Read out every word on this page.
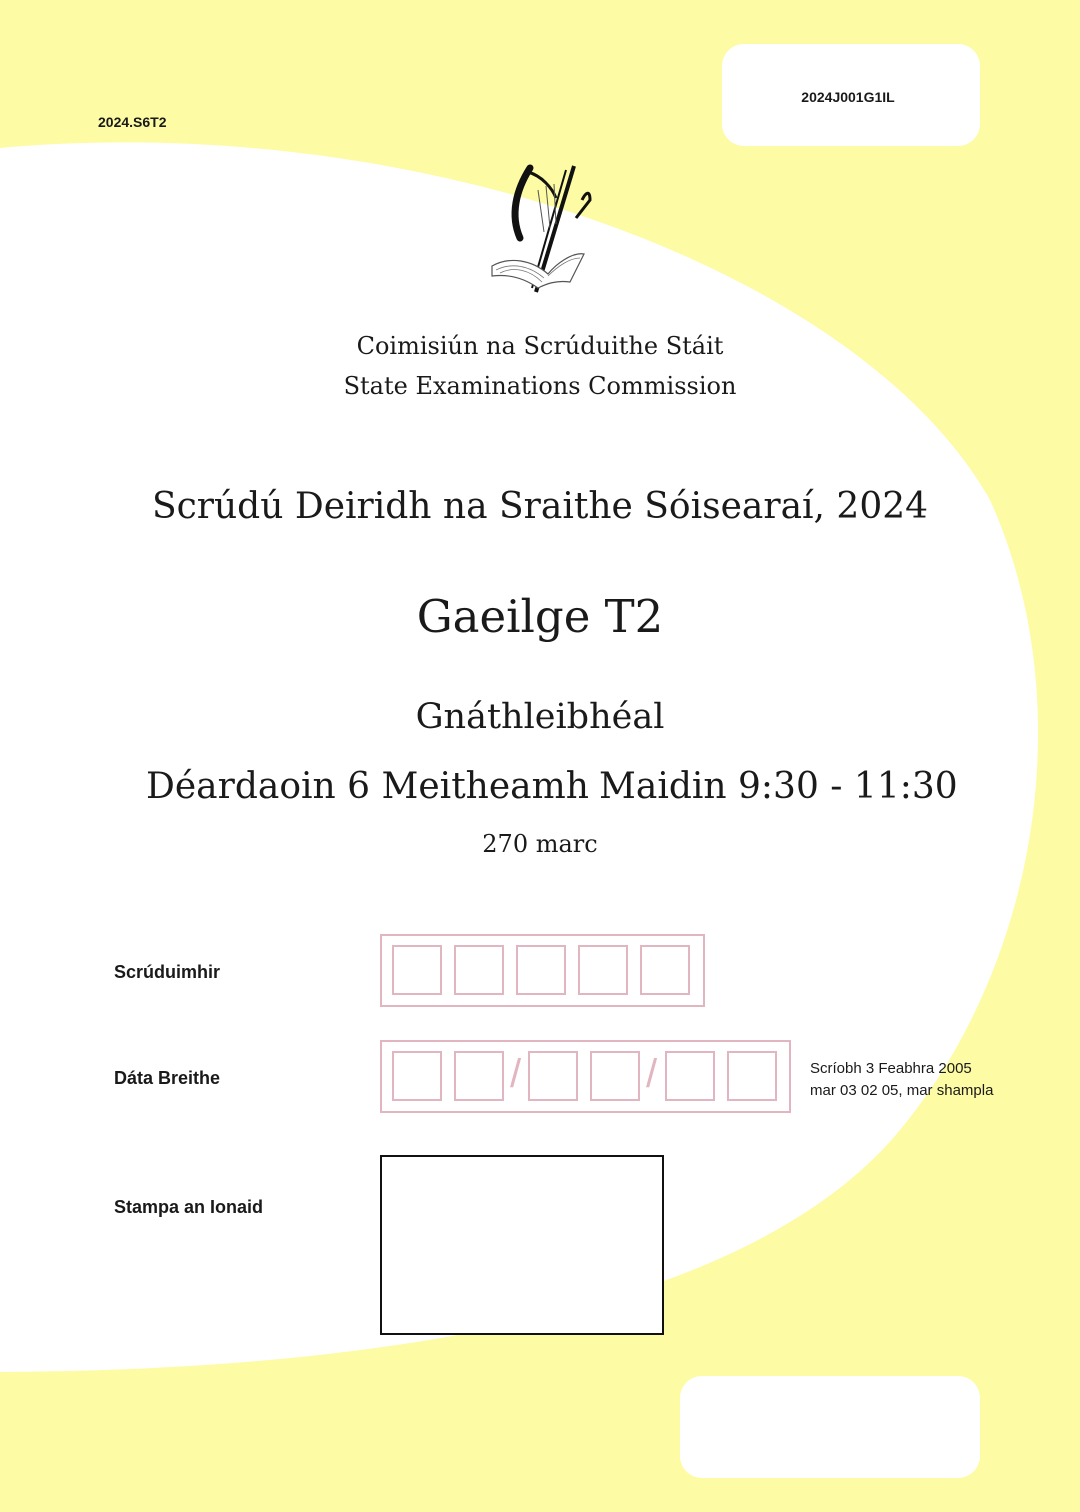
2024.S6T2
2024J001G1IL
Coimisiún na Scrúduithe Stáit
State Examinations Commission
Scrúdú Deiridh na Sraithe Sóisearaí, 2024
Gaeilge T2
Gnáthleibhéal
Déardaoin 6 Meitheamh Maidin 9:30 - 11:30
270 marc
Scrúduimhir
Dáta Breithe	/	/	Scríobh 3 Feabhra 2005
mar 03 02 05, mar shampla
Stampa an Ionaid
